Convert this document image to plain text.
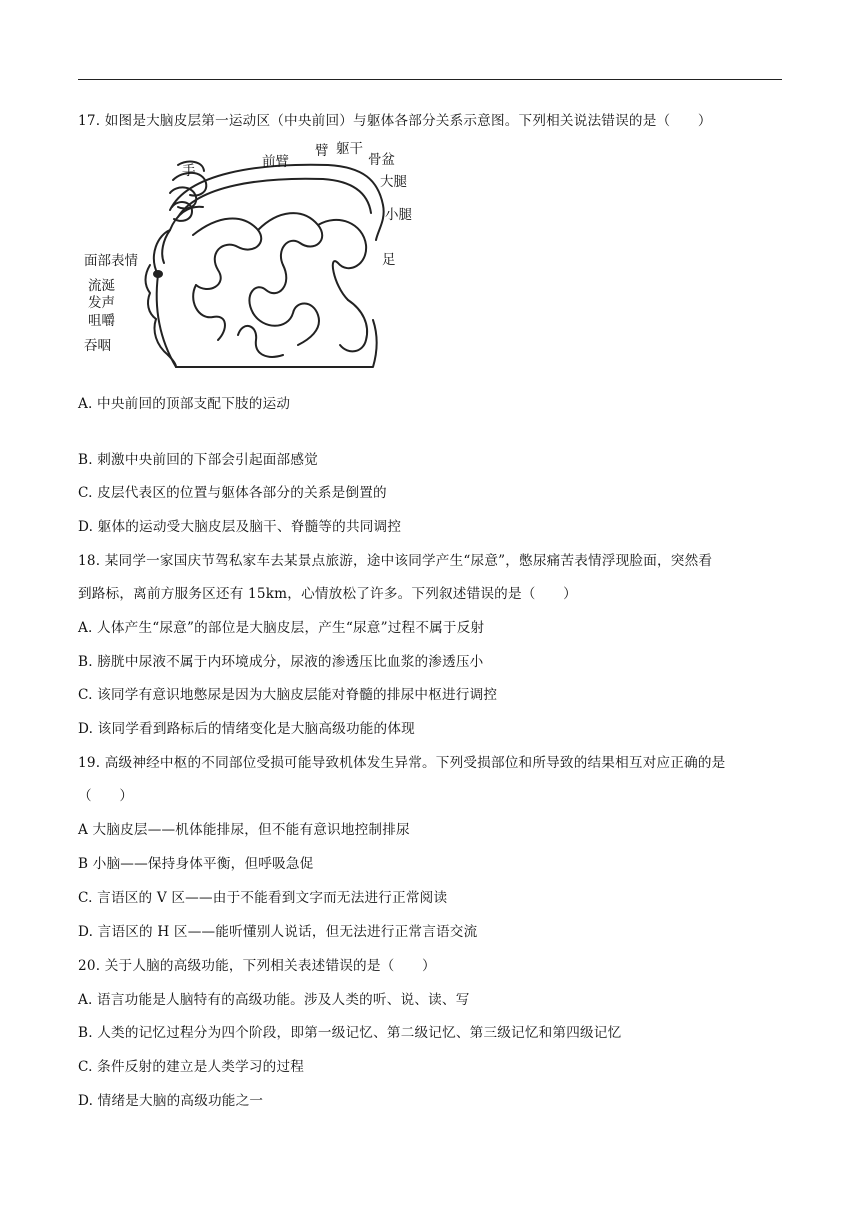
17. 如图是大脑皮层第一运动区（中央前回）与躯体各部分关系示意图。下列相关说法错误的是（　　）
手
前臂
臂 躯干
骨盆
大腿
小腿
足
面部表情
流涎
发声
咀嚼
吞咽
A. 中央前回的顶部支配下肢的运动
B. 刺激中央前回的下部会引起面部感觉
C. 皮层代表区的位置与躯体各部分的关系是倒置的
D. 躯体的运动受大脑皮层及脑干、脊髓等的共同调控
18. 某同学一家国庆节驾私家车去某景点旅游，途中该同学产生“尿意”，憋尿痛苦表情浮现脸面，突然看
到路标，离前方服务区还有 15km，心情放松了许多。下列叙述错误的是（　　）
A. 人体产生“尿意”的部位是大脑皮层，产生“尿意”过程不属于反射
B. 膀胱中尿液不属于内环境成分，尿液的渗透压比血浆的渗透压小
C. 该同学有意识地憋尿是因为大脑皮层能对脊髓的排尿中枢进行调控
D. 该同学看到路标后的情绪变化是大脑高级功能的体现
19. 高级神经中枢的不同部位受损可能导致机体发生异常。下列受损部位和所导致的结果相互对应正确的是
（　　）
A 大脑皮层——机体能排尿，但不能有意识地控制排尿
B 小脑——保持身体平衡，但呼吸急促
C. 言语区的 V 区——由于不能看到文字而无法进行正常阅读
D. 言语区的 H 区——能听懂别人说话，但无法进行正常言语交流
20. 关于人脑的高级功能，下列相关表述错误的是（　　）
A. 语言功能是人脑特有的高级功能。涉及人类的听、说、读、写
B. 人类的记忆过程分为四个阶段，即第一级记忆、第二级记忆、第三级记忆和第四级记忆
C. 条件反射的建立是人类学习的过程
D. 情绪是大脑的高级功能之一
